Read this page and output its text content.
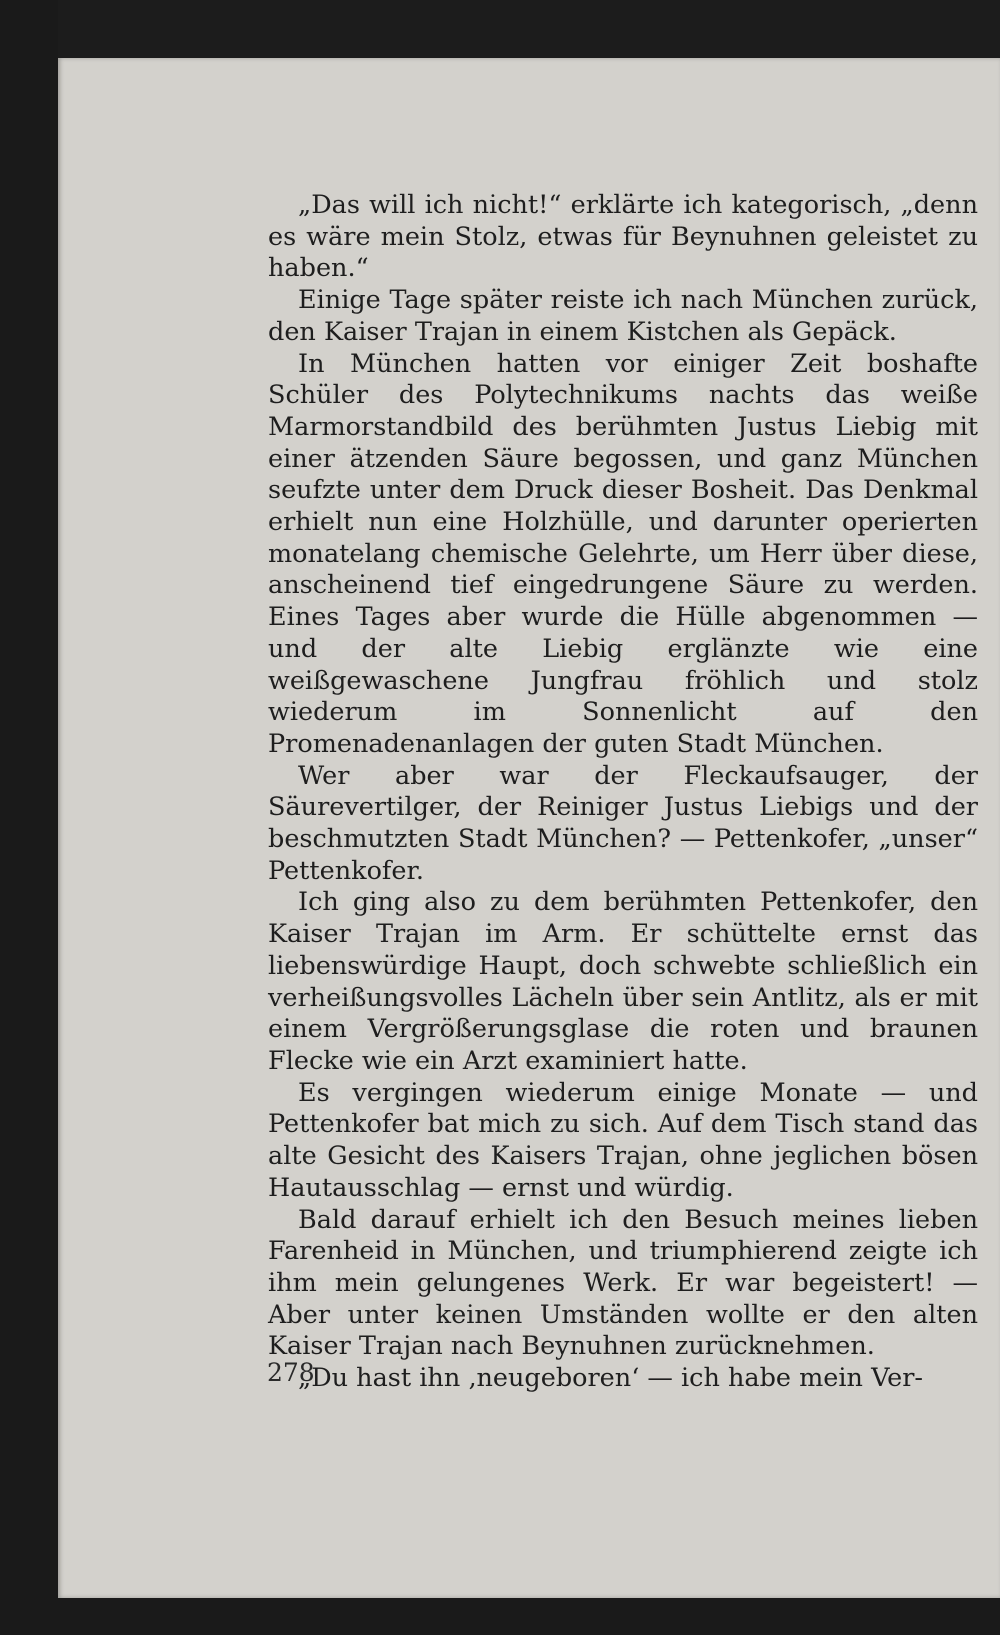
„Das will ich nicht!“ erklärte ich kategorisch, „denn es wäre mein Stolz, etwas für Beynuhnen geleistet zu haben.“

Einige Tage später reiste ich nach München zurück, den Kaiser Trajan in einem Kistchen als Gepäck.

In München hatten vor einiger Zeit boshafte Schüler des Polytechnikums nachts das weiße Marmorstandbild des berühmten Justus Liebig mit einer ätzenden Säure begossen, und ganz München seufzte unter dem Druck dieser Bosheit. Das Denkmal erhielt nun eine Holzhülle, und darunter operierten monatelang chemische Gelehrte, um Herr über diese, anscheinend tief eingedrungene Säure zu werden. Eines Tages aber wurde die Hülle abgenommen — und der alte Liebig erglänzte wie eine weißgewaschene Jungfrau fröhlich und stolz wiederum im Sonnenlicht auf den Promenadenanlagen der guten Stadt München.

Wer aber war der Fleckaufsauger, der Säurevertilger, der Reiniger Justus Liebigs und der beschmutzten Stadt München? — Pettenkofer, „unser“ Pettenkofer.

Ich ging also zu dem berühmten Pettenkofer, den Kaiser Trajan im Arm. Er schüttelte ernst das liebenswürdige Haupt, doch schwebte schließlich ein verheißungsvolles Lächeln über sein Antlitz, als er mit einem Vergrößerungsglase die roten und braunen Flecke wie ein Arzt examiniert hatte.

Es vergingen wiederum einige Monate — und Pettenkofer bat mich zu sich. Auf dem Tisch stand das alte Gesicht des Kaisers Trajan, ohne jeglichen bösen Hautausschlag — ernst und würdig.

Bald darauf erhielt ich den Besuch meines lieben Farenheid in München, und triumphierend zeigte ich ihm mein gelungenes Werk. Er war begeistert! — Aber unter keinen Umständen wollte er den alten Kaiser Trajan nach Beynuhnen zurücknehmen.

„Du hast ihn ‚neugeboren‘ — ich habe mein Ver-

278
